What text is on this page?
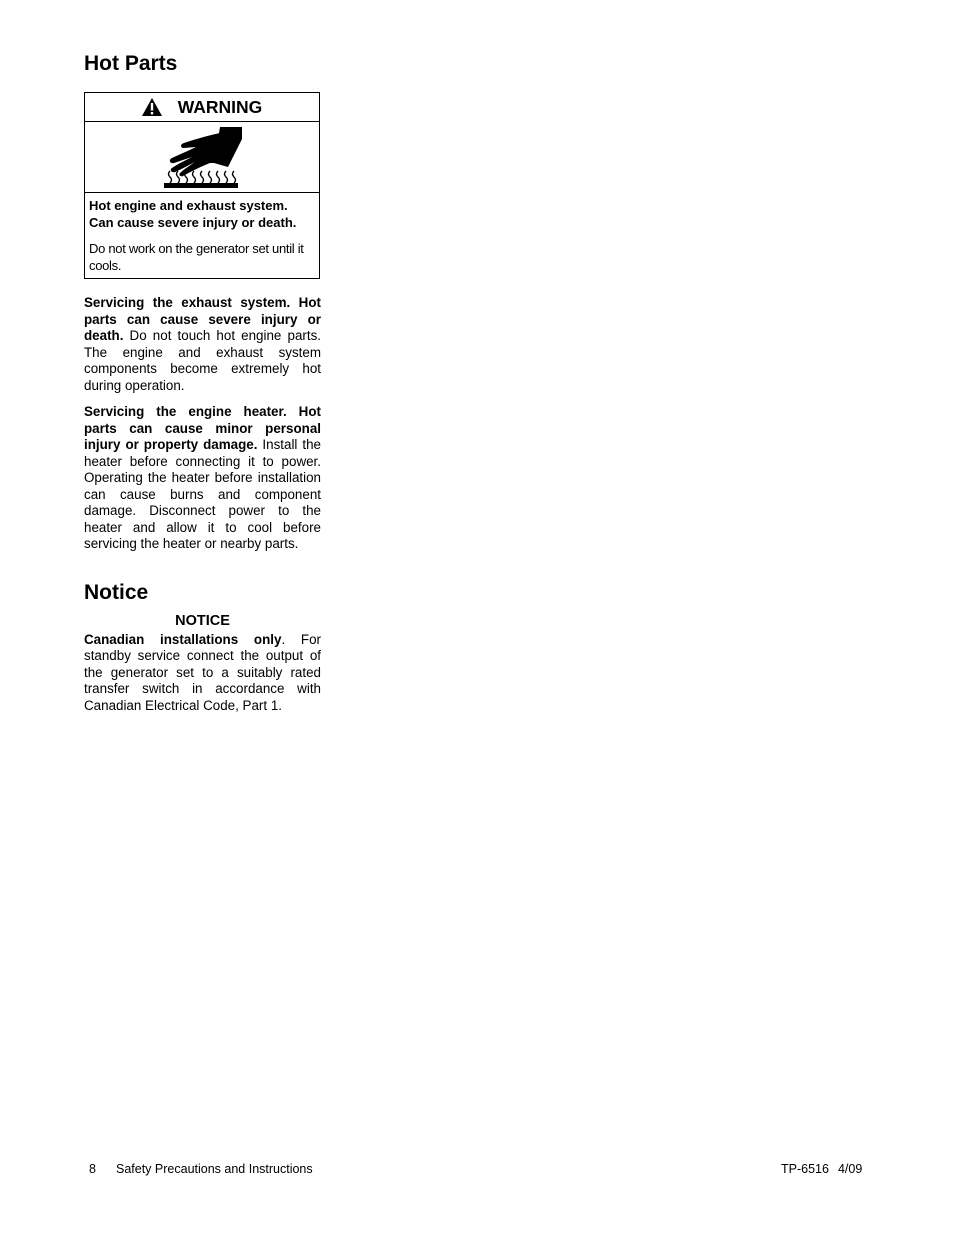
Hot Parts
WARNING
Hot engine and exhaust system.
Can cause severe injury or death.
Do not work on the generator set until it cools.

Servicing the exhaust system. Hot parts can cause severe injury or death. Do not touch hot engine parts. The engine and exhaust system components become extremely hot during operation.

Servicing the engine heater. Hot parts can cause minor personal injury or property damage. Install the heater before connecting it to power. Operating the heater before installation can cause burns and component damage. Disconnect power to the heater and allow it to cool before servicing the heater or nearby parts.

Notice
NOTICE

Canadian installations only. For standby service connect the output of the generator set to a suitably rated transfer switch in accordance with Canadian Electrical Code, Part 1.

8 Safety Precautions and Instructions	TP-6516 4/09
